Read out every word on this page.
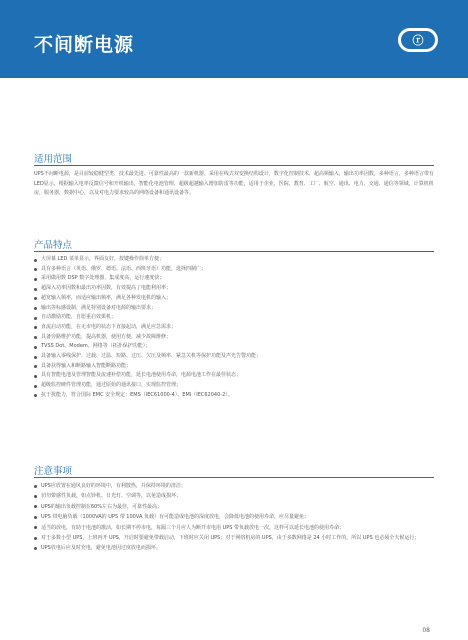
不间断电源	ⓡ
适用范围
UPS不间断电源，是目前较稳健型类、技术最先进、可靠性最高的一款新机器。采用在线式双变换结构设计，数字化控制技术，超高频输入，输出功率因数，多种语言，多种语言带有LED显示，根据输入电率反馈信号和开机输出，智能化电池管理，超级超越输入增加防雷等功能，适用于企业，医院、教育、工厂、航空、通讯、电力、交通、通信等领域，计算机机房，服务器，数据中心，以及对电力要求较高的网络设备和通讯设备等。
产品特点
大屏幕 LED 菜单显示，界面友好，按键操作简单方便；
具有多种语言（英语、俄罗、德语、法语、西班牙语）功能，选择四制广；
采用做用数 DSP 数字处理器，集成度高，运行速度快；
超深入功率因数和最出功率因数，有效提高了电能利用率；
超宽输入频率，而适应输出频率，满足各种发电机的输入；
输出等标感设制，满足特别设备对电源的输出要求；
自动激励功能，自愿重启效果机；
直流启动功能，在无市电的状态下直接起动，满足应急需求；
具备旁路维护功能，提高机器，使用方便，减少故障维修；
TVSS Dot、Modem、网络等（拓扑保护功能）；
具备输入零线保护、过载、过温、短路、过压、欠压及频率、紧急关机等保护功能及声光告警功能；
具备获得输入和断路输入智能断路功能；
具有智能电池及管理智能及流速补偿功能，延长电池使用寿命，电源电池工作在最佳状态；
超级监控硬件管理功能，通过原始的通讯接口，实现监控管理；
抗干扰能力，符合国际 EMC 安全规定：EMS（IEC61000-4）、EMI（IEC62040-2）。
注意事项
UPS应放置在通风良好的环境中，有利散热，并保持环境的清洁；
切勿带感性负载，如点钞机、日光灯、空调等，以免造成损坏；
UPS的输出负载控制在60%左右为最佳，可靠性最高；
UPS 带电脑负载（1000VA的 UPS 带 100VA 负载）有可能造成电池的深度放电，会降低电池的使用寿命，应尽量避免；
适当的放电，有助于电池的激活，如长期不停市电，每隔三个月应人为断开市电用 UPS 带负载放电一次，这样可以延长电池的使用寿命；
对于多数小型 UPS，上班再开 UPS，开启时要避免带载启动，下班时应关闭 UPS；对于网络机房的 UPS，由于多数网络是 24 小时工作的，所以 UPS 也必须全天候运行；
UPS放电后应及时充电，避免电池因过度放电而损坏。
08
